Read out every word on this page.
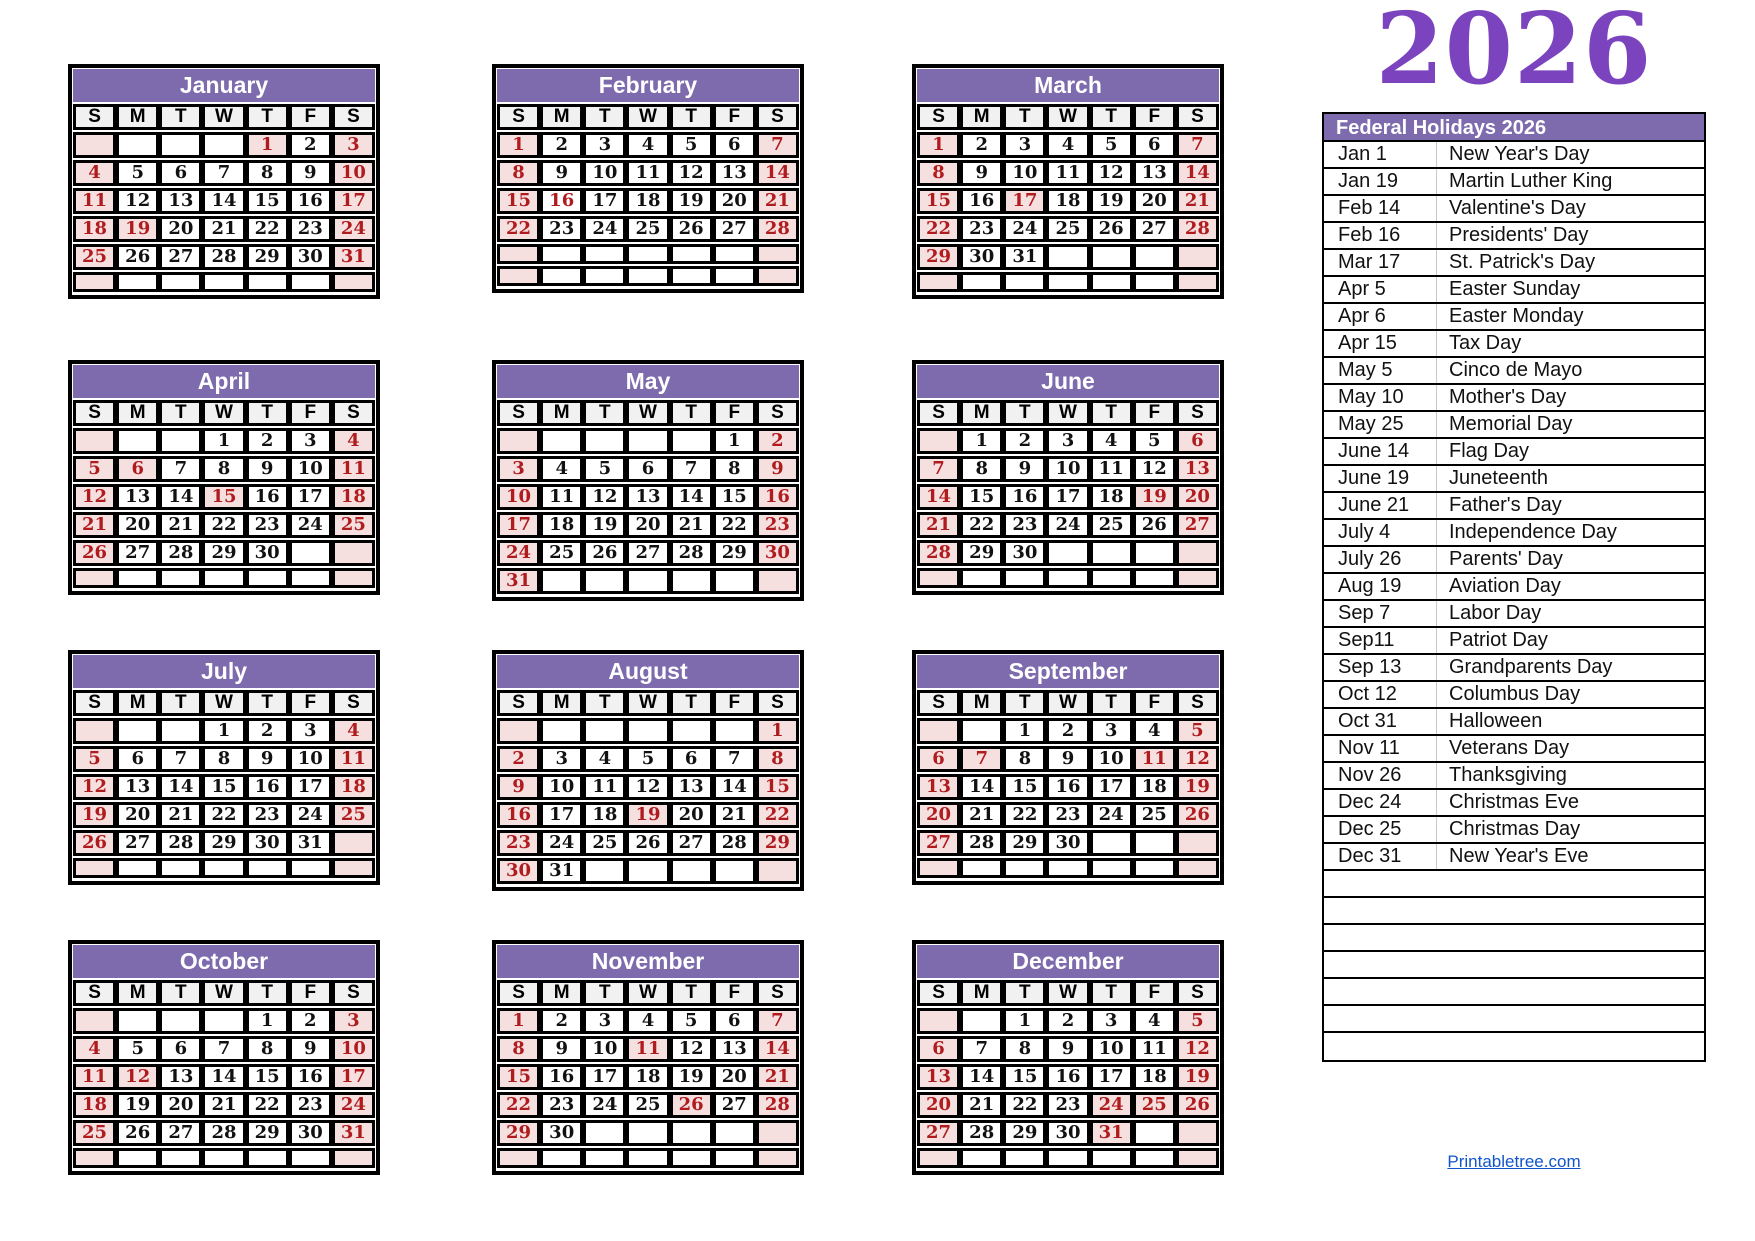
2026
January
S	M	T	W	T	F	S
				1	2	3
4	5	6	7	8	9	10
11	12	13	14	15	16	17
18	19	20	21	22	23	24
25	26	27	28	29	30	31

February
S	M	T	W	T	F	S
1	2	3	4	5	6	7
8	9	10	11	12	13	14
15	16	17	18	19	20	21
22	23	24	25	26	27	28

March
S	M	T	W	T	F	S
1	2	3	4	5	6	7
8	9	10	11	12	13	14
15	16	17	18	19	20	21
22	23	24	25	26	27	28
29	30	31				

April
S	M	T	W	T	F	S
			1	2	3	4
5	6	7	8	9	10	11
12	13	14	15	16	17	18
21	20	21	22	23	24	25
26	27	28	29	30		

May
S	M	T	W	T	F	S
					1	2
3	4	5	6	7	8	9
10	11	12	13	14	15	16
17	18	19	20	21	22	23
24	25	26	27	28	29	30
31						
June
S	M	T	W	T	F	S
	1	2	3	4	5	6
7	8	9	10	11	12	13
14	15	16	17	18	19	20
21	22	23	24	25	26	27
28	29	30				

July
S	M	T	W	T	F	S
			1	2	3	4
5	6	7	8	9	10	11
12	13	14	15	16	17	18
19	20	21	22	23	24	25
26	27	28	29	30	31	

August
S	M	T	W	T	F	S
						1
2	3	4	5	6	7	8
9	10	11	12	13	14	15
16	17	18	19	20	21	22
23	24	25	26	27	28	29
30	31					
September
S	M	T	W	T	F	S
		1	2	3	4	5
6	7	8	9	10	11	12
13	14	15	16	17	18	19
20	21	22	23	24	25	26
27	28	29	30			

October
S	M	T	W	T	F	S
				1	2	3
4	5	6	7	8	9	10
11	12	13	14	15	16	17
18	19	20	21	22	23	24
25	26	27	28	29	30	31

November
S	M	T	W	T	F	S
1	2	3	4	5	6	7
8	9	10	11	12	13	14
15	16	17	18	19	20	21
22	23	24	25	26	27	28
29	30					

December
S	M	T	W	T	F	S
		1	2	3	4	5
6	7	8	9	10	11	12
13	14	15	16	17	18	19
20	21	22	23	24	25	26
27	28	29	30	31		

Federal Holidays 2026
Jan 1	New Year's Day
Jan 19	Martin Luther King
Feb 14	Valentine's Day
Feb 16	Presidents' Day
Mar 17	St. Patrick's Day
Apr 5	Easter Sunday
Apr 6	Easter Monday
Apr 15	Tax Day
May 5	Cinco de Mayo
May 10	Mother's Day
May 25	Memorial Day
June 14	Flag Day
June 19	Juneteenth
June 21	Father's Day
July 4	Independence Day
July 26	Parents' Day
Aug 19	Aviation Day
Sep 7	Labor Day
Sep11	Patriot Day
Sep 13	Grandparents Day
Oct 12	Columbus Day
Oct 31	Halloween
Nov 11	Veterans Day
Nov 26	Thanksgiving
Dec 24	Christmas Eve
Dec 25	Christmas Day
Dec 31	New Year's Eve

Printabletree.com
